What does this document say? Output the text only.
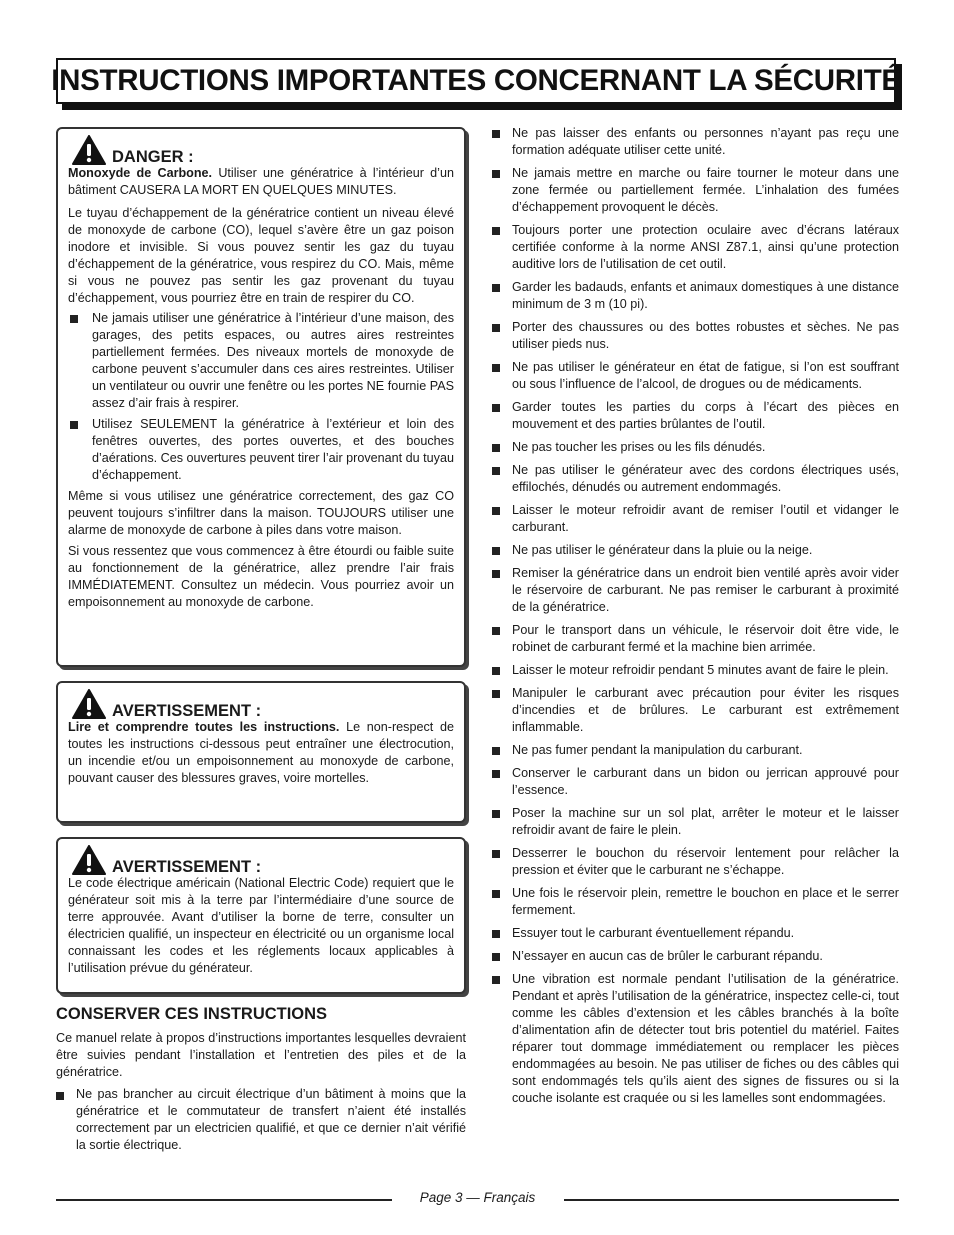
INSTRUCTIONS IMPORTANTES CONCERNANT LA SÉCURITÉ
DANGER :

Monoxyde de Carbone. Utiliser une génératrice à l’intérieur d’un bâtiment CAUSERA LA MORT EN QUELQUES MINUTES.

Le tuyau d’échappement de la génératrice contient un niveau élevé de monoxyde de carbone (CO), lequel s’avère être un gaz poison inodore et invisible. Si vous pouvez sentir les gaz du tuyau d’échappement de la génératrice, vous respirez du CO. Mais, même si vous ne pouvez pas sentir les gaz provenant du tuyau d’échappement, vous pourriez être en train de respirer du CO.

Ne jamais utiliser une génératrice à l’intérieur d’une maison, des garages, des petits espaces, ou autres aires restreintes partiellement fermées. Des niveaux mortels de monoxyde de carbone peuvent s’accumuler dans ces aires restreintes. Utiliser un ventilateur ou ouvrir une fenêtre ou les portes NE fournie PAS assez d’air frais à respirer.
Utilisez SEULEMENT la génératrice à l’extérieur et loin des fenêtres ouvertes, des portes ouvertes, et des bouches d’aérations. Ces ouvertures peuvent tirer l’air provenant du tuyau d’échappement.

Même si vous utilisez une génératrice correctement, des gaz CO peuvent toujours s’infiltrer dans la maison. TOUJOURS utiliser une alarme de monoxyde de carbone à piles dans votre maison.

Si vous ressentez que vous commencez à être étourdi ou faible suite au fonctionnement de la génératrice, allez prendre l’air frais IMMÉDIATEMENT. Consultez un médecin. Vous pourriez avoir un empoisonnement au monoxyde de carbone.

AVERTISSEMENT :

Lire et comprendre toutes les instructions. Le non-respect de toutes les instructions ci-dessous peut entraîner une électrocution, un incendie et/ou un empoisonnement au monoxyde de carbone, pouvant causer des blessures graves, voire mortelles.

AVERTISSEMENT :

Le code électrique américain (National Electric Code) requiert que le générateur soit mis à la terre par l’intermédiaire d’une source de terre approuvée. Avant d’utiliser la borne de terre, consulter un électricien qualifié, un inspecteur en électricité ou un organisme local connaissant les codes et les réglements locaux applicables à l’utilisation prévue du générateur.

CONSERVER CES INSTRUCTIONS

Ce manuel relate à propos d’instructions importantes lesquelles devraient être suivies pendant l’installation et l’entretien des piles et de la génératrice.

Ne pas brancher au circuit électrique d’un bâtiment à moins que la génératrice et le commutateur de transfert n’aient été installés correctement par un electricien qualifié, et que ce dernier n’ait vérifié la sortie électrique.
Ne pas laisser des enfants ou personnes n’ayant pas reçu une formation adéquate utiliser cette unité.
Ne jamais mettre en marche ou faire tourner le moteur dans une zone fermée ou partiellement fermée. L’inhalation des fumées d’échappement provoquent le décès.
Toujours porter une protection oculaire avec d’écrans latéraux certifiée conforme à la norme ANSI Z87.1, ainsi qu’une protection auditive lors de l’utilisation de cet outil.
Garder les badauds, enfants et animaux domestiques à une distance minimum de 3 m (10 pi).
Porter des chaussures ou des bottes robustes et sèches. Ne pas utiliser pieds nus.
Ne pas utiliser le générateur en état de fatigue, si l’on est souffrant ou sous l’influence de l’alcool, de drogues ou de médicaments.
Garder toutes les parties du corps à l’écart des pièces en mouvement et des parties brûlantes de l’outil.
Ne pas toucher les prises ou les fils dénudés.
Ne pas utiliser le générateur avec des cordons électriques usés, effilochés, dénudés ou autrement endommagés.
Laisser le moteur refroidir avant de remiser l’outil et vidanger le carburant.
Ne pas utiliser le générateur dans la pluie ou la neige.
Remiser la génératrice dans un endroit bien ventilé après avoir vider le réservoire de carburant. Ne pas remiser le carburant à proximité de la génératrice.
Pour le transport dans un véhicule, le réservoir doit être vide, le robinet de carburant fermé et la machine bien arrimée.
Laisser le moteur refroidir pendant 5 minutes avant de faire le plein.
Manipuler le carburant avec précaution pour éviter les risques d’incendies et de brûlures. Le carburant est extrêmement inflammable.
Ne pas fumer pendant la manipulation du carburant.
Conserver le carburant dans un bidon ou jerrican approuvé pour l’essence.
Poser la machine sur un sol plat, arrêter le moteur et le laisser refroidir avant de faire le plein.
Desserrer le bouchon du réservoir lentement pour relâcher la pression et éviter que le carburant ne s’échappe.
Une fois le réservoir plein, remettre le bouchon en place et le serrer fermement.
Essuyer tout le carburant éventuellement répandu.
N’essayer en aucun cas de brûler le carburant répandu.
Une vibration est normale pendant l’utilisation de la génératrice. Pendant et après l’utilisation de la génératrice, inspectez celle-ci, tout comme les câbles d’extension et les câbles branchés à la boîte d’alimentation afin de détecter tout bris potentiel du matériel. Faites réparer tout dommage immédiatement ou remplacer les pièces endommagées au besoin. Ne pas utiliser de fiches ou des câbles qui sont endommagés tels qu’ils aient des signes de fissures ou si la couche isolante est craquée ou si les lamelles sont endommagées.
Page 3 — Français
